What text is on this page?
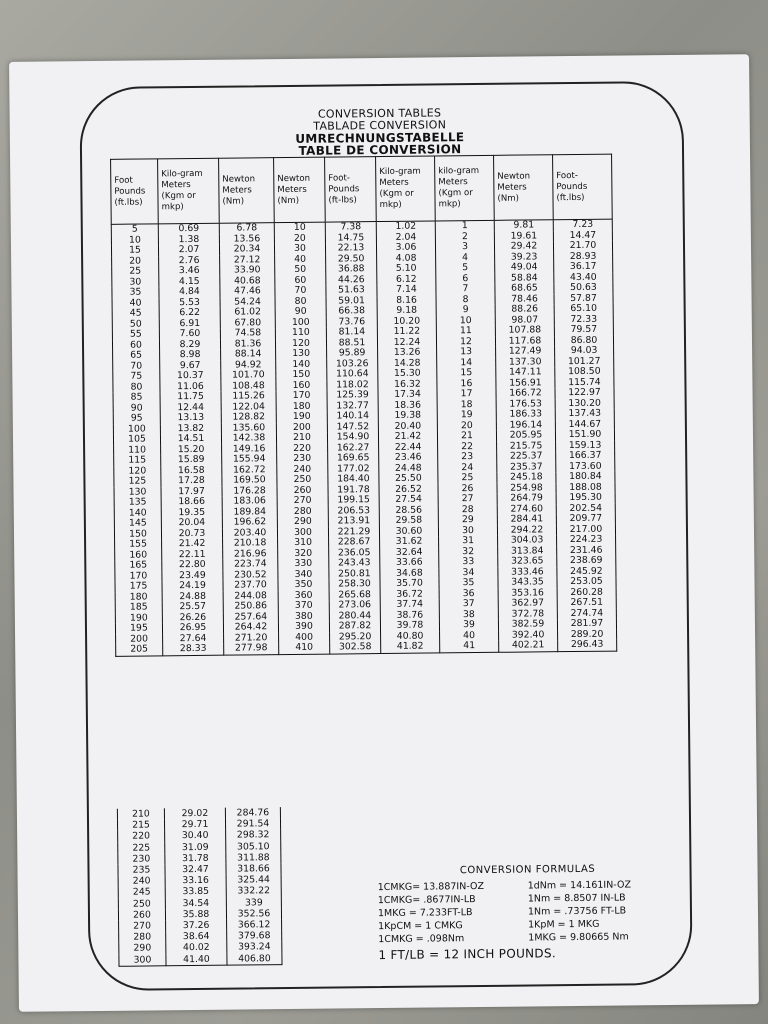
CONVERSION TABLES
TABLADE CONVERSION
UMRECHNUNGSTABELLE
TABLE DE CONVERSION
Foot Pounds (ft.lbs)	Kilo-gram Meters (Kgm or mkp)	Newton Meters (Nm)	Newton Meters (Nm)	Foot- Pounds (ft-lbs)	Kilo-gram Meters (Kgm or mkp)	kilo-gram Meters (Kgm or mkp)	Newton Meters (Nm)	Foot- Pounds (ft.lbs)
5	0.69	6.78	10	7.38	1.02	1	9.81	7.23
10	1.38	13.56	20	14.75	2.04	2	19.61	14.47
15	2.07	20.34	30	22.13	3.06	3	29.42	21.70
20	2.76	27.12	40	29.50	4.08	4	39.23	28.93
25	3.46	33.90	50	36.88	5.10	5	49.04	36.17
30	4.15	40.68	60	44.26	6.12	6	58.84	43.40
35	4.84	47.46	70	51.63	7.14	7	68.65	50.63
40	5.53	54.24	80	59.01	8.16	8	78.46	57.87
45	6.22	61.02	90	66.38	9.18	9	88.26	65.10
50	6.91	67.80	100	73.76	10.20	10	98.07	72.33
55	7.60	74.58	110	81.14	11.22	11	107.88	79.57
60	8.29	81.36	120	88.51	12.24	12	117.68	86.80
65	8.98	88.14	130	95.89	13.26	13	127.49	94.03
70	9.67	94.92	140	103.26	14.28	14	137.30	101.27
75	10.37	101.70	150	110.64	15.30	15	147.11	108.50
80	11.06	108.48	160	118.02	16.32	16	156.91	115.74
85	11.75	115.26	170	125.39	17.34	17	166.72	122.97
90	12.44	122.04	180	132.77	18.36	18	176.53	130.20
95	13.13	128.82	190	140.14	19.38	19	186.33	137.43
100	13.82	135.60	200	147.52	20.40	20	196.14	144.67
105	14.51	142.38	210	154.90	21.42	21	205.95	151.90
110	15.20	149.16	220	162.27	22.44	22	215.75	159.13
115	15.89	155.94	230	169.65	23.46	23	225.37	166.37
120	16.58	162.72	240	177.02	24.48	24	235.37	173.60
125	17.28	169.50	250	184.40	25.50	25	245.18	180.84
130	17.97	176.28	260	191.78	26.52	26	254.98	188.08
135	18.66	183.06	270	199.15	27.54	27	264.79	195.30
140	19.35	189.84	280	206.53	28.56	28	274.60	202.54
145	20.04	196.62	290	213.91	29.58	29	284.41	209.77
150	20.73	203.40	300	221.29	30.60	30	294.22	217.00
155	21.42	210.18	310	228.67	31.62	31	304.03	224.23
160	22.11	216.96	320	236.05	32.64	32	313.84	231.46
165	22.80	223.74	330	243.43	33.66	33	323.65	238.69
170	23.49	230.52	340	250.81	34.68	34	333.46	245.92
175	24.19	237.70	350	258.30	35.70	35	343.35	253.05
180	24.88	244.08	360	265.68	36.72	36	353.16	260.28
185	25.57	250.86	370	273.06	37.74	37	362.97	267.51
190	26.26	257.64	380	280.44	38.76	38	372.78	274.74
195	26.95	264.42	390	287.82	39.78	39	382.59	281.97
200	27.64	271.20	400	295.20	40.80	40	392.40	289.20
205	28.33	277.98	410	302.58	41.82	41	402.21	296.43
210	29.02	284.76
215	29.71	291.54
220	30.40	298.32
225	31.09	305.10
230	31.78	311.88
235	32.47	318.66
240	33.16	325.44
245	33.85	332.22
250	34.54	339
260	35.88	352.56
270	37.26	366.12
280	38.64	379.68
290	40.02	393.24
300	41.40	406.80
CONVERSION FORMULAS
1CMKG= 13.887IN-OZ	1dNm = 14.161IN-OZ
1CMKG= .8677IN-LB	1Nm = 8.8507 IN-LB
1MKG = 7.233FT-LB	1Nm = .73756 FT-LB
1KpCM = 1 CMKG	1KpM = 1 MKG
1CMKG = .098Nm	1MKG = 9.80665 Nm
1 FT/LB = 12 INCH POUNDS.
